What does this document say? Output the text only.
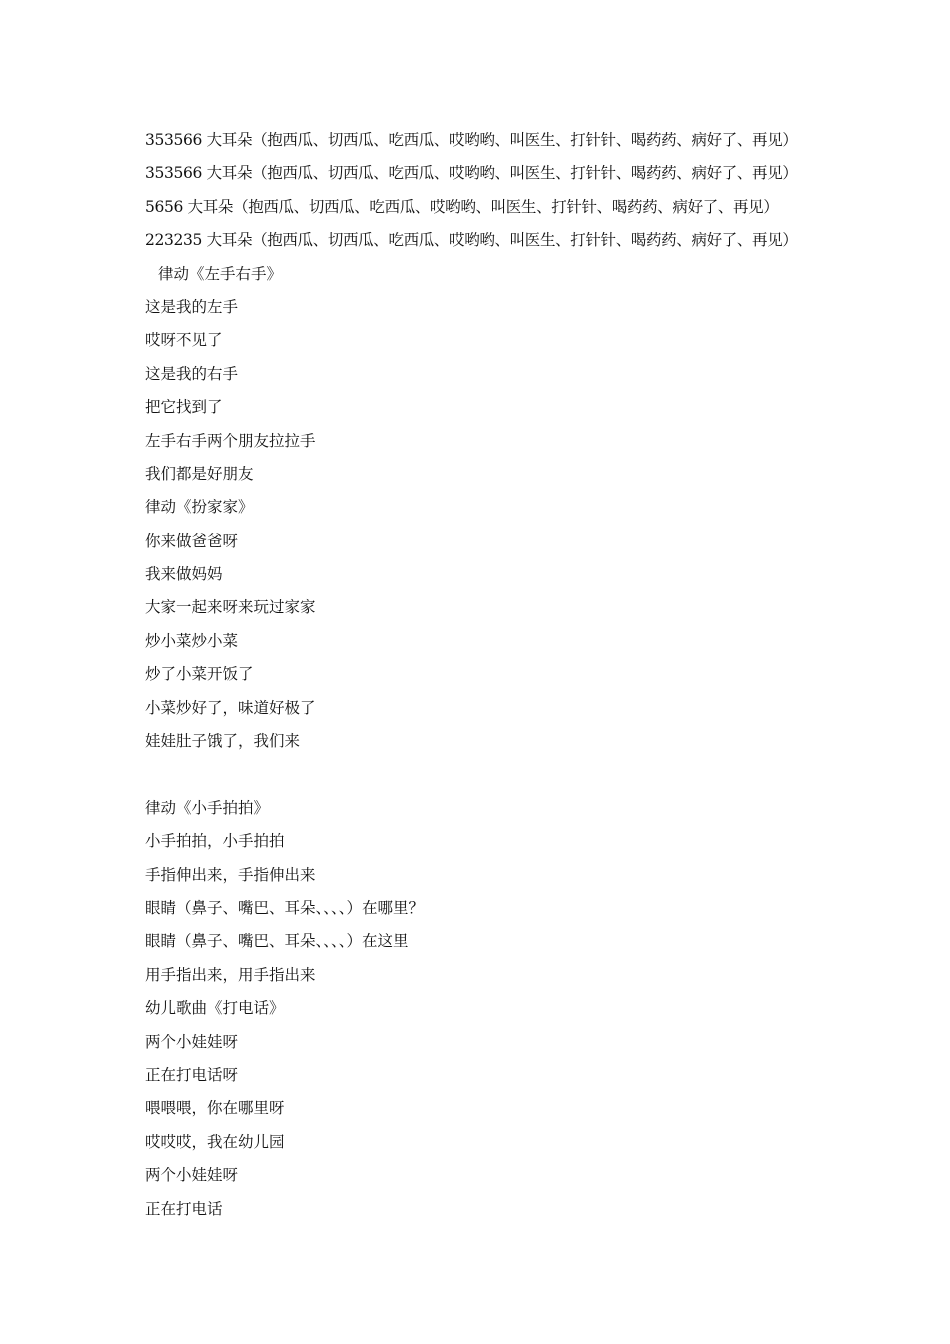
353566 大耳朵（抱西瓜、切西瓜、吃西瓜、哎哟哟、叫医生、打针针、喝药药、病好了、再见）
353566 大耳朵（抱西瓜、切西瓜、吃西瓜、哎哟哟、叫医生、打针针、喝药药、病好了、再见）
5656 大耳朵（抱西瓜、切西瓜、吃西瓜、哎哟哟、叫医生、打针针、喝药药、病好了、再见）
223235 大耳朵（抱西瓜、切西瓜、吃西瓜、哎哟哟、叫医生、打针针、喝药药、病好了、再见）
律动《左手右手》
这是我的左手
哎呀不见了
这是我的右手
把它找到了
左手右手两个朋友拉拉手
我们都是好朋友
律动《扮家家》
你来做爸爸呀
我来做妈妈
大家一起来呀来玩过家家
炒小菜炒小菜
炒了小菜开饭了
小菜炒好了，味道好极了
娃娃肚子饿了，我们来
律动《小手拍拍》
小手拍拍，小手拍拍
手指伸出来，手指伸出来
眼睛（鼻子、嘴巴、耳朵、、、、）在哪里？
眼睛（鼻子、嘴巴、耳朵、、、、）在这里
用手指出来，用手指出来
幼儿歌曲《打电话》
两个小娃娃呀
正在打电话呀
喂喂喂，你在哪里呀
哎哎哎，我在幼儿园
两个小娃娃呀
正在打电话
